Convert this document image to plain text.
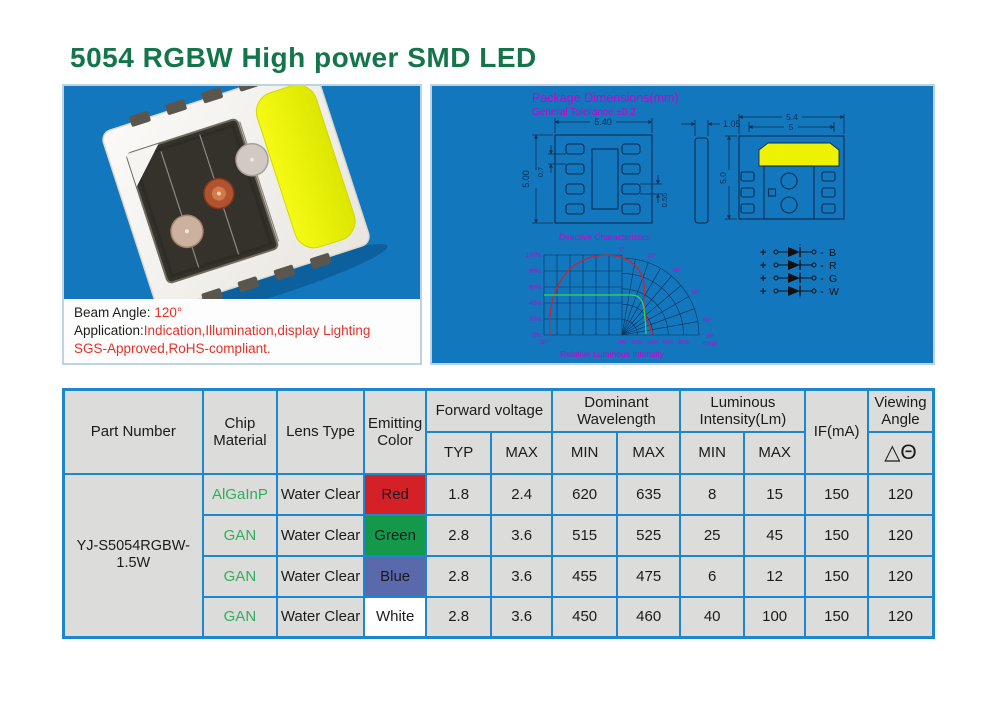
5054 RGBW High power SMD LED
Beam Angle: 120°
Application:Indication,Illumination,display Lighting
SGS-Approved,RoHS-compliant.
Package Dimensions(mm)
General Tolerance ±0.2
5.40
5.00 0.7
0.55
1.05
5.4
5
5.0
Directive Characteristics
100%
80%
60%
40%
20%
0%
90°	0% 20% 40% 60% 80%
90°
(Deg)
0°
20°
40°
60°
80°
Relative Luminous Intensity
+	- B
+	- R
+	- G
+	- W
Part Number	Chip Material	Lens Type	Emitting Color	Forward voltage		Dominant Wavelength		Luminous Intensity(Lm)		IF(mA)	Viewing Angle
				TYP	MAX	MIN	MAX	MIN	MAX		△Θ
YJ-S5054RGBW-1.5W	AlGaInP	Water Clear	Red	1.8	2.4	620	635	8	15	150	120
	GAN	Water Clear	Green	2.8	3.6	515	525	25	45	150	120
	GAN	Water Clear	Blue	2.8	3.6	455	475	6	12	150	120
	GAN	Water Clear	White	2.8	3.6	450	460	40	100	150	120
